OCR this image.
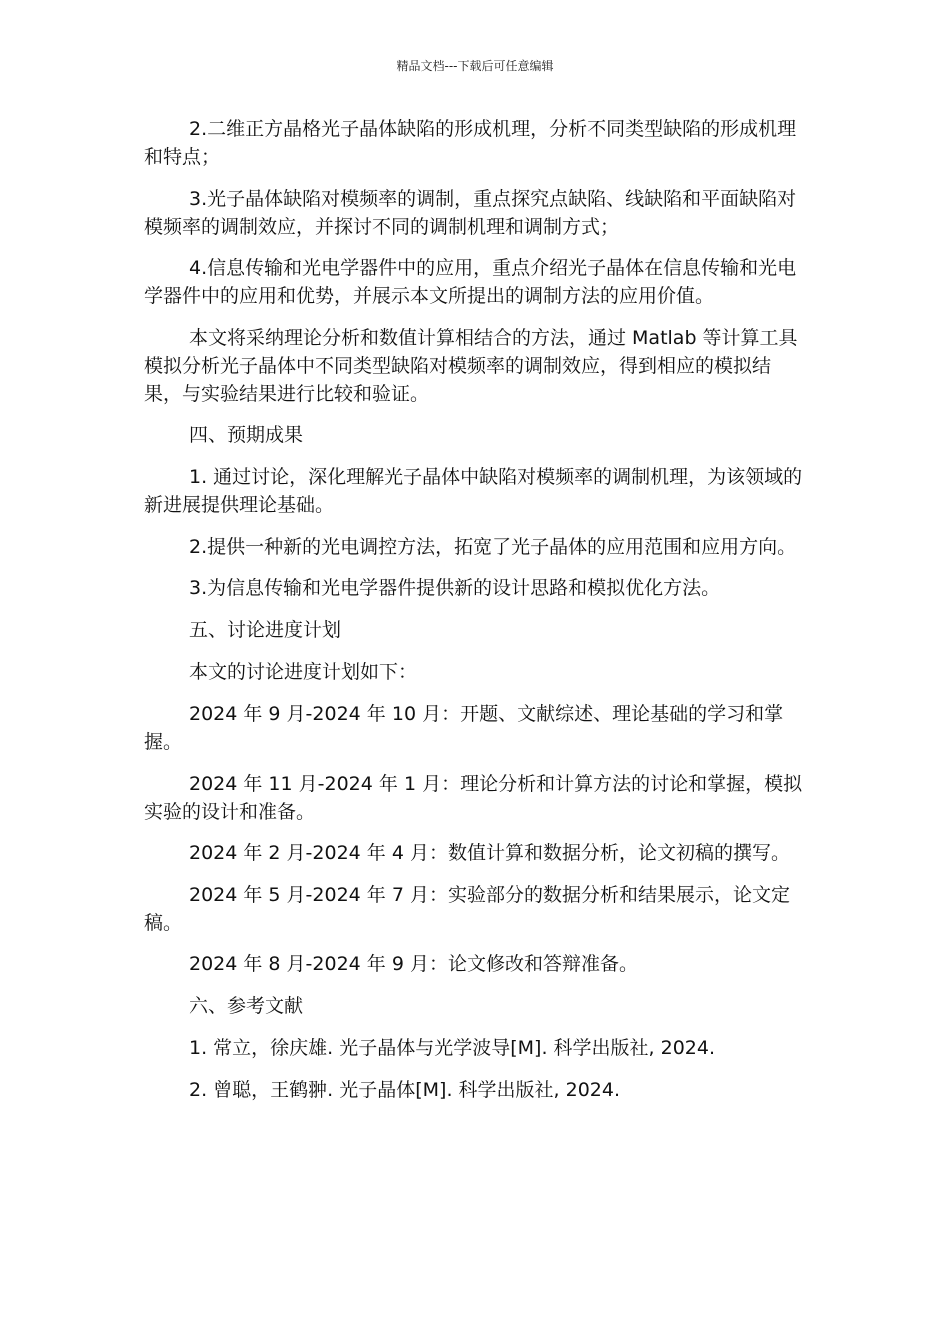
精品文档---下载后可任意编辑

2.二维正方晶格光子晶体缺陷的形成机理，分析不同类型缺陷的形成机理和特点；

3.光子晶体缺陷对模频率的调制，重点探究点缺陷、线缺陷和平面缺陷对模频率的调制效应，并探讨不同的调制机理和调制方式；

4.信息传输和光电学器件中的应用，重点介绍光子晶体在信息传输和光电学器件中的应用和优势，并展示本文所提出的调制方法的应用价值。

本文将采纳理论分析和数值计算相结合的方法，通过 Matlab 等计算工具模拟分析光子晶体中不同类型缺陷对模频率的调制效应，得到相应的模拟结果，与实验结果进行比较和验证。

四、预期成果

1. 通过讨论，深化理解光子晶体中缺陷对模频率的调制机理，为该领域的新进展提供理论基础。

2.提供一种新的光电调控方法，拓宽了光子晶体的应用范围和应用方向。

3.为信息传输和光电学器件提供新的设计思路和模拟优化方法。

五、讨论进度计划

本文的讨论进度计划如下：

2024 年 9 月-2024 年 10 月：开题、文献综述、理论基础的学习和掌握。

2024 年 11 月-2024 年 1 月：理论分析和计算方法的讨论和掌握，模拟实验的设计和准备。

2024 年 2 月-2024 年 4 月：数值计算和数据分析，论文初稿的撰写。

2024 年 5 月-2024 年 7 月：实验部分的数据分析和结果展示，论文定稿。

2024 年 8 月-2024 年 9 月：论文修改和答辩准备。

六、参考文献

1. 常立，徐庆雄. 光子晶体与光学波导[M]. 科学出版社, 2024.

2. 曾聪，王鹤翀. 光子晶体[M]. 科学出版社, 2024.
